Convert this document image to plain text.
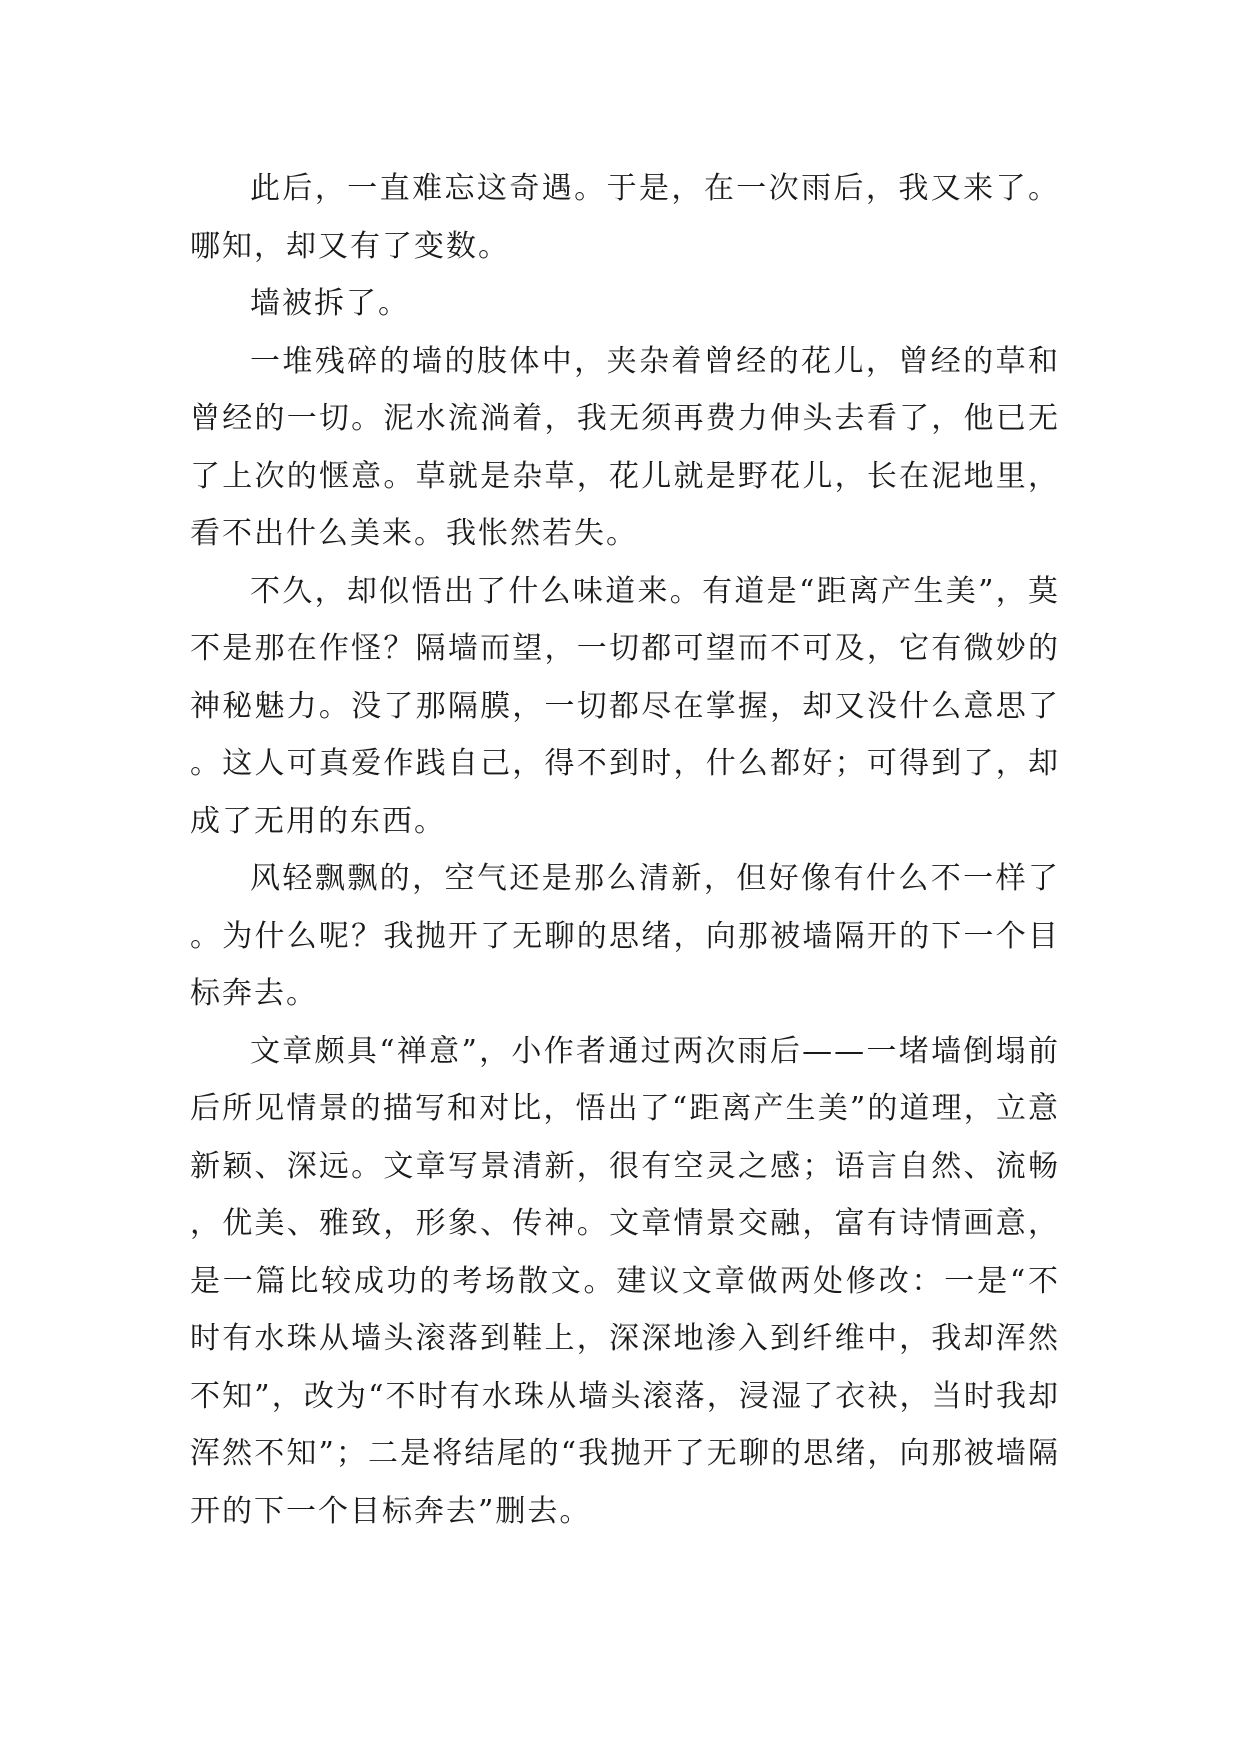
此后，一直难忘这奇遇。于是，在一次雨后，我又来了。哪知，却又有了变数。

墙被拆了。

一堆残碎的墙的肢体中，夹杂着曾经的花儿，曾经的草和曾经的一切。泥水流淌着，我无须再费力伸头去看了，他已无了上次的惬意。草就是杂草，花儿就是野花儿，长在泥地里，看不出什么美来。我怅然若失。

不久，却似悟出了什么味道来。有道是“距离产生美”，莫不是那在作怪？隔墙而望，一切都可望而不可及，它有微妙的神秘魅力。没了那隔膜，一切都尽在掌握，却又没什么意思了。这人可真爱作践自己，得不到时，什么都好；可得到了，却成了无用的东西。

风轻飘飘的，空气还是那么清新，但好像有什么不一样了。为什么呢？我抛开了无聊的思绪，向那被墙隔开的下一个目标奔去。

文章颇具“禅意”，小作者通过两次雨后——一堵墙倒塌前后所见情景的描写和对比，悟出了“距离产生美”的道理，立意新颖、深远。文章写景清新，很有空灵之感；语言自然、流畅，优美、雅致，形象、传神。文章情景交融，富有诗情画意，是一篇比较成功的考场散文。建议文章做两处修改：一是“不时有水珠从墙头滚落到鞋上，深深地渗入到纤维中，我却浑然不知”，改为“不时有水珠从墙头滚落，浸湿了衣袂，当时我却浑然不知”；二是将结尾的“我抛开了无聊的思绪，向那被墙隔开的下一个目标奔去”删去。
